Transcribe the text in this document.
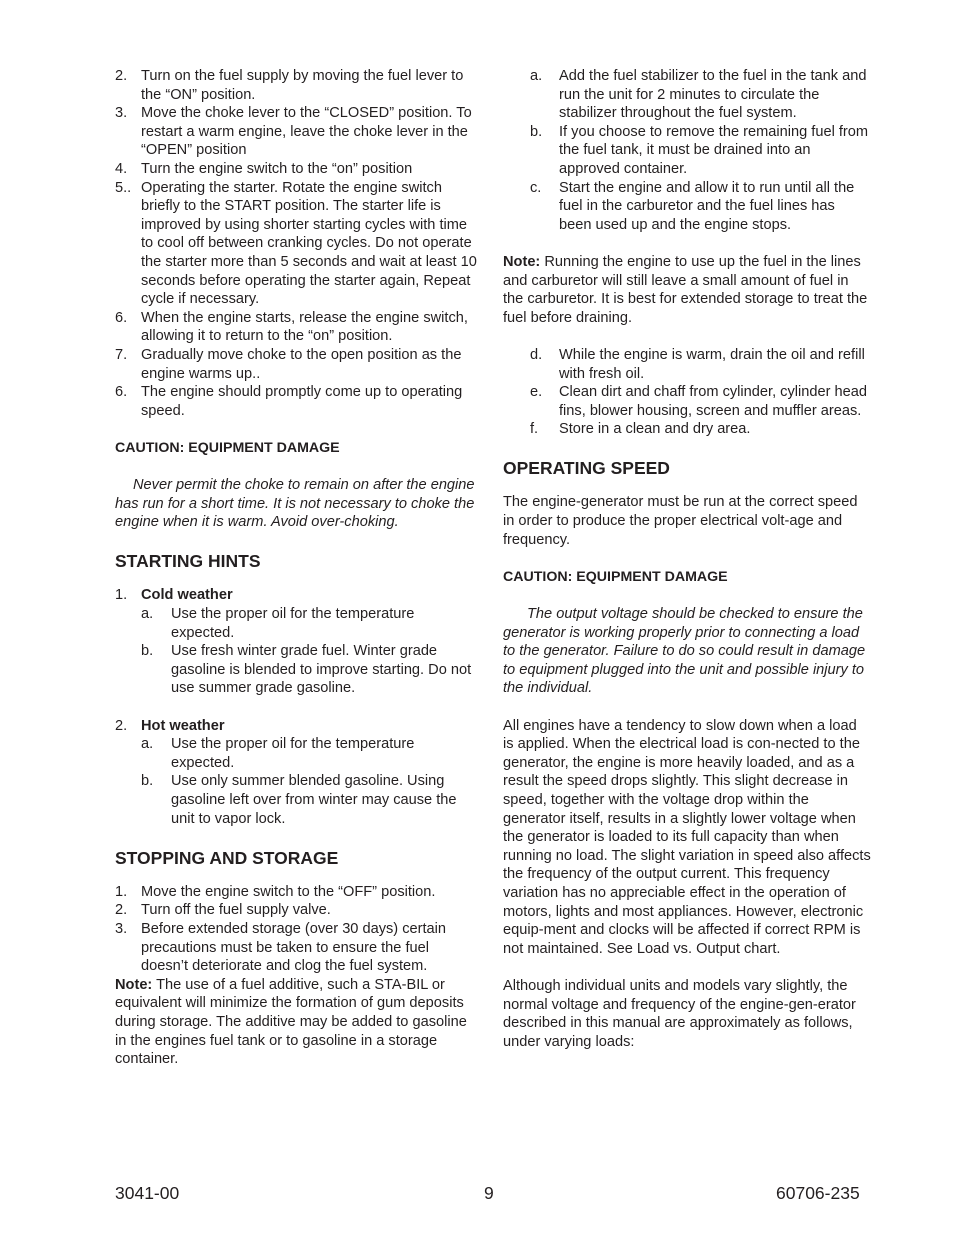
2. Turn on the fuel supply by moving the fuel lever to the “ON” position.
3. Move the choke lever to the “CLOSED” position. To restart a warm engine, leave the choke lever in the “OPEN” position
4. Turn the engine switch to the “on” position
5.. Operating the starter. Rotate the engine switch briefly to the START position. The starter life is improved by using shorter starting cycles with time to cool off between cranking cycles. Do not operate the starter more than 5 seconds and wait at least 10 seconds before operating the starter again, Repeat cycle if necessary.
6. When the engine starts, release the engine switch, allowing it to return to the “on” position.
7. Gradually move choke to the open position as the engine warms up..
6. The engine should promptly come up to operating speed.
CAUTION: EQUIPMENT DAMAGE
Never permit the choke to remain on after the engine has run for a short time. It is not necessary to choke the engine when it is warm. Avoid over-choking.
STARTING HINTS
1. Cold weather
a. Use the proper oil for the temperature expected.
b. Use fresh winter grade fuel. Winter grade gasoline is blended to improve starting. Do not use summer grade gasoline.
2. Hot weather
a. Use the proper oil for the temperature expected.
b. Use only summer blended gasoline. Using gasoline left over from winter may cause the unit to vapor lock.
STOPPING AND STORAGE
1. Move the engine switch to the “OFF” position.
2. Turn off the fuel supply valve.
3. Before extended storage (over 30 days) certain precautions must be taken to ensure the fuel doesn’t deteriorate and clog the fuel system.
Note: The use of a fuel additive, such a STA-BIL or equivalent will minimize the formation of gum deposits during storage. The additive may be added to gasoline in the engines fuel tank or to gasoline in a storage container.
a. Add the fuel stabilizer to the fuel in the tank and run the unit for 2 minutes to circulate the stabilizer throughout the fuel system.
b. If you choose to remove the remaining fuel from the fuel tank, it must be drained into an approved container.
c. Start the engine and allow it to run until all the fuel in the carburetor and the fuel lines has been used up and the engine stops.
Note: Running the engine to use up the fuel in the lines and carburetor will still leave a small amount of fuel in the carburetor. It is best for extended storage to treat the fuel before draining.
d. While the engine is warm, drain the oil and refill with fresh oil.
e. Clean dirt and chaff from cylinder, cylinder head fins, blower housing, screen and muffler areas.
f. Store in a clean and dry area.
OPERATING SPEED
The engine-generator must be run at the correct speed in order to produce the proper electrical volt-age and frequency.
CAUTION: EQUIPMENT DAMAGE
The output voltage should be checked to ensure the generator is working properly prior to connecting a load to the generator. Failure to do so could result in damage to equipment plugged into the unit and possible injury to the individual.
All engines have a tendency to slow down when a load is applied. When the electrical load is con-nected to the generator, the engine is more heavily loaded, and as a result the speed drops slightly. This slight decrease in speed, together with the voltage drop within the generator itself, results in a slightly lower voltage when the generator is loaded to its full capacity than when running no load. The slight variation in speed also affects the frequency of the output current. This frequency variation has no appreciable effect in the operation of motors, lights and most appliances. However, electronic equip-ment and clocks will be affected if correct RPM is not maintained. See Load vs. Output chart.
Although individual units and models vary slightly, the normal voltage and frequency of the engine-gen-erator described in this manual are approximately as follows, under varying loads:
3041-00	9	60706-235
